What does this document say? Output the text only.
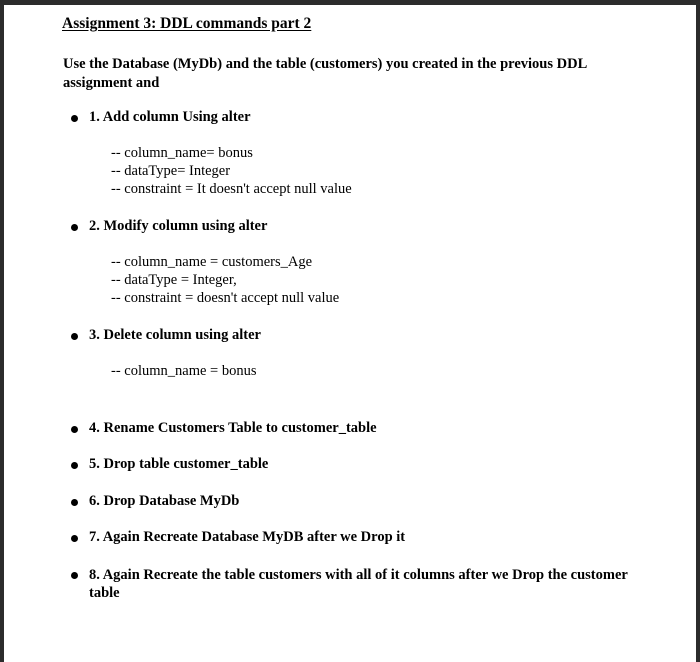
Assignment 3: DDL commands part 2
Use the Database (MyDb) and the table (customers) you created in the previous DDL assignment and
1. Add column Using alter
-- column_name= bonus
-- dataType= Integer
-- constraint = It doesn't accept null value
2. Modify column using alter
-- column_name = customers_Age
-- dataType = Integer,
-- constraint = doesn't accept null value
3. Delete column using alter
-- column_name = bonus
4. Rename Customers Table to customer_table
5. Drop table customer_table
6. Drop Database MyDb
7. Again Recreate Database MyDB after we Drop it
8. Again Recreate the table customers with all of it columns after we Drop the customer table
